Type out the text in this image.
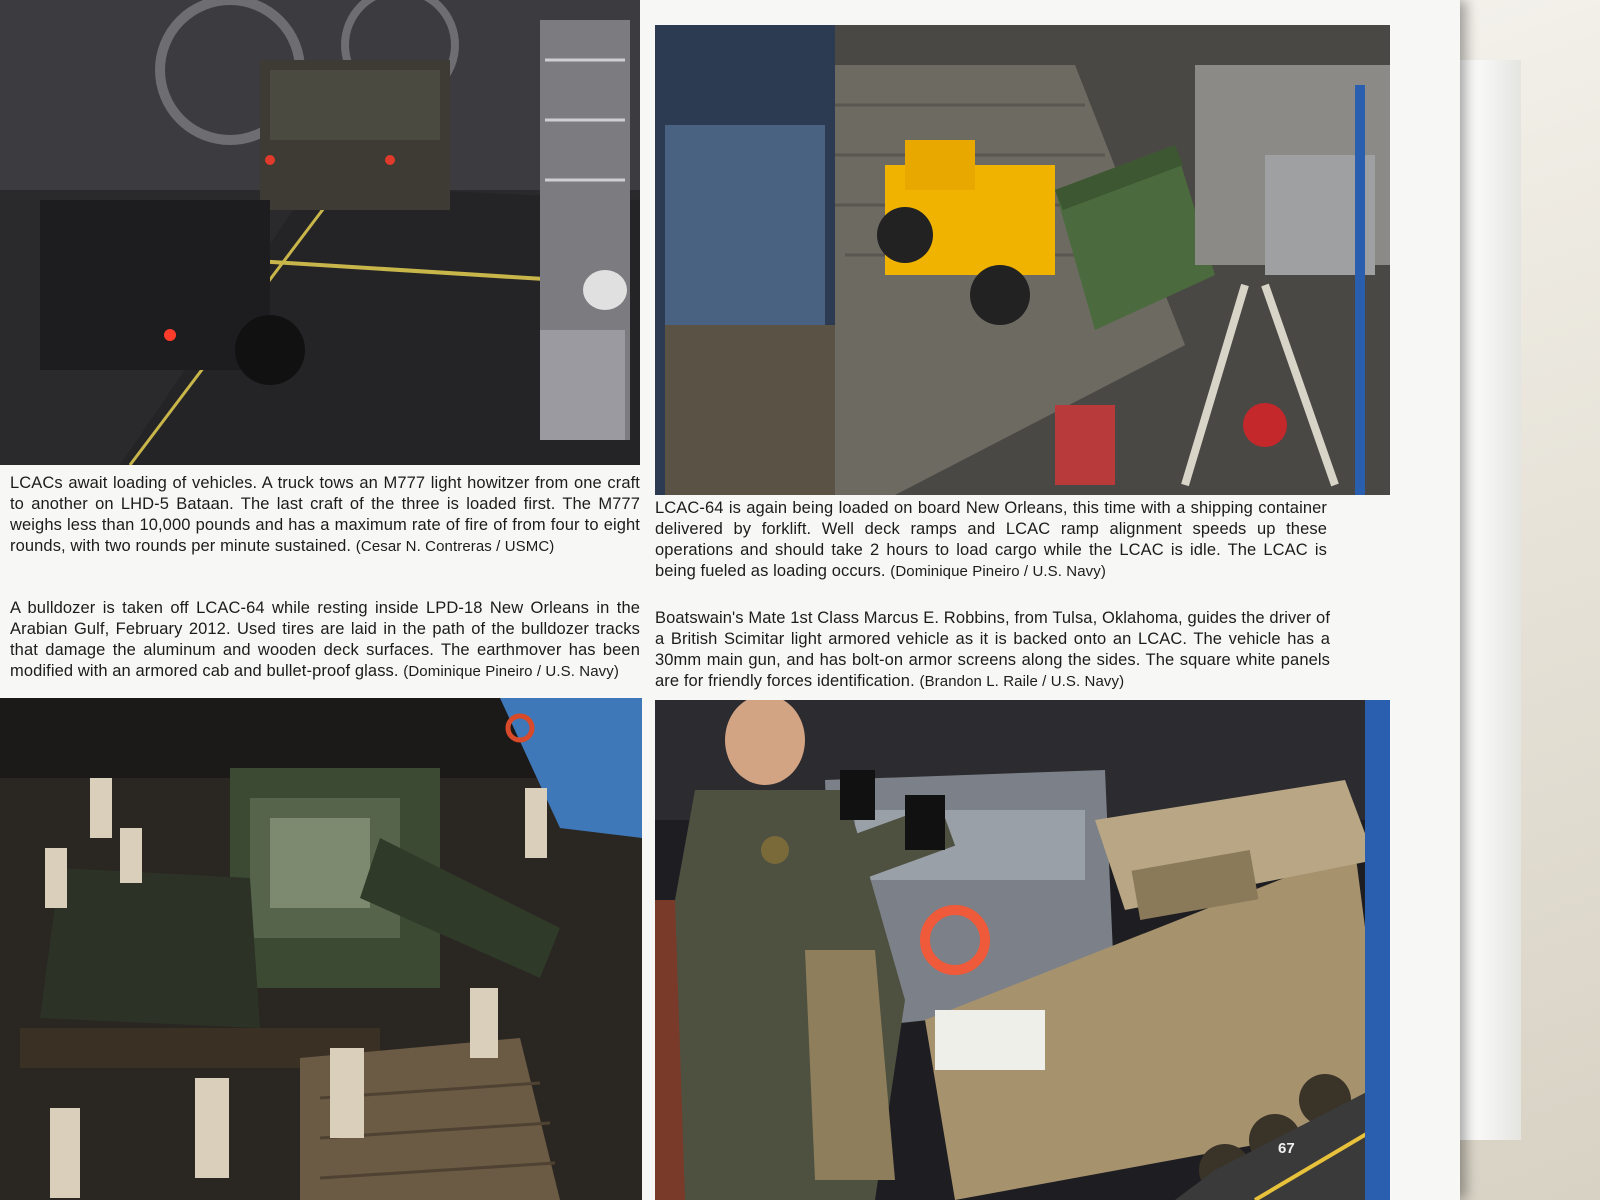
LCACs await loading of vehicles. A truck tows an M777 light howitzer from one craft to another on LHD-5 Bataan. The last craft of the three is loaded first. The M777 weighs less than 10,000 pounds and has a maximum rate of fire of from four to eight rounds, with two rounds per minute sustained. (Cesar N. Contreras / USMC)

LCAC-64 is again being loaded on board New Orleans, this time with a shipping container delivered by forklift. Well deck ramps and LCAC ramp alignment speeds up these operations and should take 2 hours to load cargo while the LCAC is idle. The LCAC is being fueled as loading occurs. (Dominique Pineiro / U.S. Navy)

A bulldozer is taken off LCAC-64 while resting inside LPD-18 New Orleans in the Arabian Gulf, February 2012. Used tires are laid in the path of the bulldozer tracks that damage the aluminum and wooden deck surfaces. The earthmover has been modified with an armored cab and bullet-proof glass. (Dominique Pineiro / U.S. Navy)

Boatswain's Mate 1st Class Marcus E. Robbins, from Tulsa, Oklahoma, guides the driver of a British Scimitar light armored vehicle as it is backed onto an LCAC. The vehicle has a 30mm main gun, and has bolt-on armor screens along the sides. The square white panels are for friendly forces identification. (Brandon L. Raile / U.S. Navy)

67
